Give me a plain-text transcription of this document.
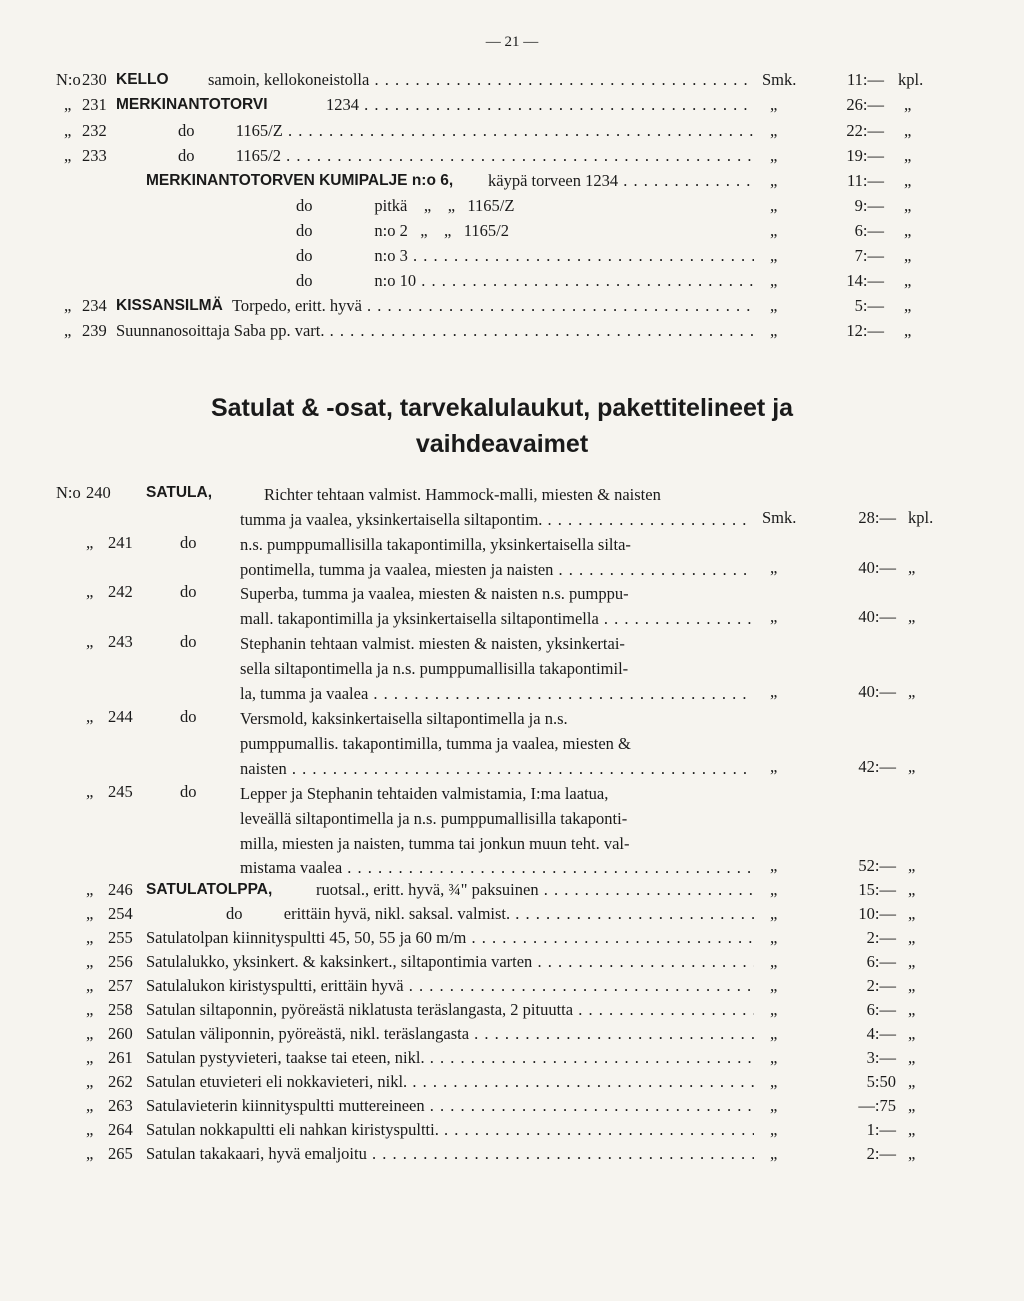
— 21 —
N:o 230 KELLO samoin, kellokoneistolla . . .	Smk.	11:— kpl.
„ 231 MERKINANTOTORVI	1234 . . .	„	26:— „
„ 232	do          1165/Z . . .	„	22:— „
„ 233	do          1165/2 . . .	„	19:— „
MERKINANTOTORVEN KUMIPALJE n:o 6, käypä torveen 1234 . . .	„	11:— „
do               pitkä    „    „   1165/Z	„	9:— „
do               n:o 2   „    „   1165/2	„	6:— „
do               n:o 3 . . .	„	7:— „
do               n:o 10 . . .	„	14:— „
„ 234 KISSANSILMÄ Torpedo, eritt. hyvä . . .	„	5:— „
„ 239 Suunnanosoittaja Saba pp. vart. . . .	„	12:— „
Satulat & -osat, tarvekalulaukut, pakettitelineet ja
vaihdeavaimet
N:o 240 SATULA,	Richter tehtaan valmist. Hammock-malli, miesten & naisten
tumma ja vaalea, yksinkertaisella siltapontim. . . .	Smk.	28:— kpl.
„ 241	do	n.s. pumppumallisilla takapontimilla, yksinkertaisella silta-
pontimella, tumma ja vaalea, miesten ja naisten . . .	„	40:— „
„ 242	do	Superba, tumma ja vaalea, miesten & naisten n.s. pumppu-
mall. takapontimilla ja yksinkertaisella siltapontimella . . .	„	40:— „
„ 243	do	Stephanin tehtaan valmist. miesten & naisten, yksinkertai-
sella siltapontimella ja n.s. pumppumallisilla takapontimil-
la, tumma ja vaalea . . .	„	40:— „
„ 244	do	Versmold, kaksinkertaisella siltapontimella ja n.s.
pumppumallis. takapontimilla, tumma ja vaalea, miesten &
naisten . . .	„	42:— „
„ 245	do	Lepper ja Stephanin tehtaiden valmistamia, I:ma laatua,
leveällä siltapontimella ja n.s. pumppumallisilla takaponti-
milla, miesten ja naisten, tumma tai jonkun muun teht. val-
mistama vaalea . . .	„	52:— „
„ 246 SATULATOLPPA,	ruotsal., eritt. hyvä, ¾" paksuinen . . .	„	15:— „
„ 254	do          erittäin hyvä, nikl. saksal. valmist. . . .	„	10:— „
„ 255 Satulatolpan kiinnityspultti 45, 50, 55 ja 60 m/m . . .	„	2:— „
„ 256 Satulalukko, yksinkert. & kaksinkert., siltapontimia varten . . .	„	6:— „
„ 257 Satulalukon kiristyspultti, erittäin hyvä . . .	„	2:— „
„ 258 Satulan siltaponnin, pyöreästä niklatusta teräslangasta, 2 pituutta . . .	„	6:— „
„ 260 Satulan väliponnin, pyöreästä, nikl. teräslangasta . . .	„	4:— „
„ 261 Satulan pystyvieteri, taakse tai eteen, nikl. . . .	„	3:— „
„ 262 Satulan etuvieteri eli nokkavieteri, nikl. . . .	„	5:50 „
„ 263 Satulavieterin kiinnityspultti muttereineen . . .	„	—:75 „
„ 264 Satulan nokkapultti eli nahkan kiristyspultti. . . .	„	1:— „
„ 265 Satulan takakaari, hyvä emaljoitu . . .	„	2:— „
